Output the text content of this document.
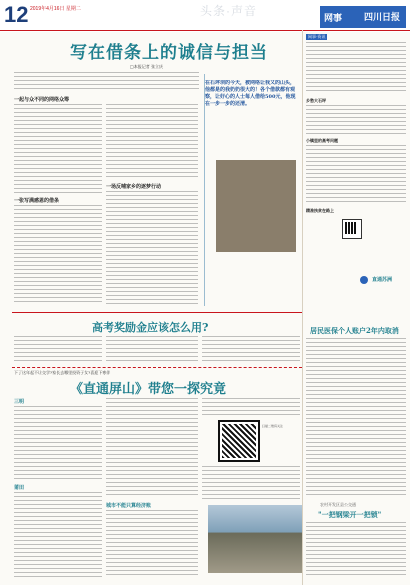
12 2019年4月16日 星期二	头条·声音	网事 四川日报
写在借条上的诚信与担当
□本报记者 张立庆
一起与众不同的网络众筹
一张写满感恩的借条
一场反哺家乡的逐梦行动
在石坪坝的今天，被网络让我又的山头，他都是的我奶奶很大的！各个借款都有观察，让好心的人士每人借给500元，他现在一步一步的还清。
网事·资讯
乡愁大石坪
小镇里的高考问题
精准扶贫在路上
直通苏洲
高考奖励金应该怎么用?
下了这年起不让交学?家长去哪里投资子女?喜迎下寒伴
居民医保个人账户2年内取消
《直通屏山》带您一探究竟
三明
莆田
城市不能只算经济账
扫描二维码关注
农村开发区县公交通
"一把钢梁开一把锁"
